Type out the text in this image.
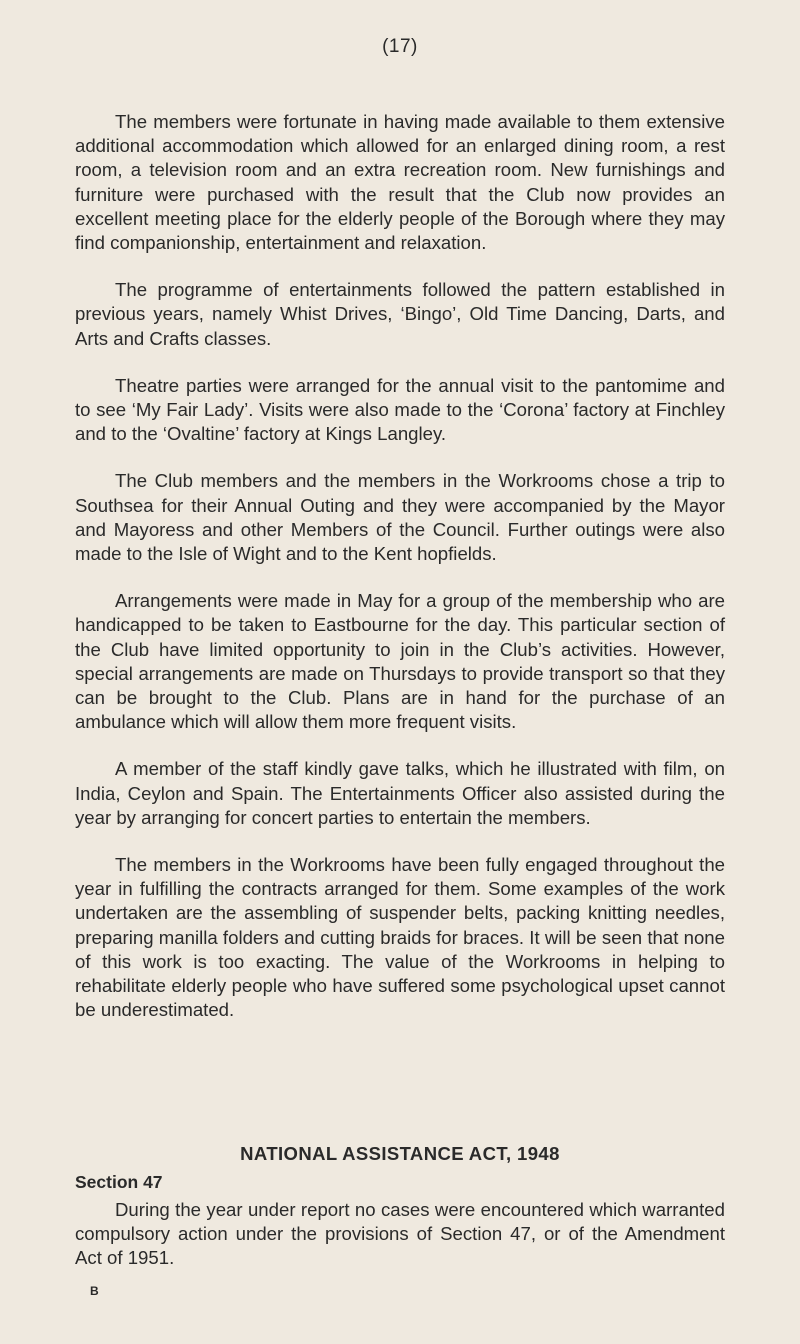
(17)

The members were fortunate in having made available to them extensive additional accommodation which allowed for an enlarged dining room, a rest room, a television room and an extra recreation room. New furnishings and furniture were purchased with the result that the Club now provides an excellent meeting place for the elderly people of the Borough where they may find companionship, entertainment and relaxation.

The programme of entertainments followed the pattern established in previous years, namely Whist Drives, ‘Bingo’, Old Time Dancing, Darts, and Arts and Crafts classes.

Theatre parties were arranged for the annual visit to the pantomime and to see ‘My Fair Lady’. Visits were also made to the ‘Corona’ factory at Finchley and to the ‘Ovaltine’ factory at Kings Langley.

The Club members and the members in the Workrooms chose a trip to Southsea for their Annual Outing and they were accompanied by the Mayor and Mayoress and other Members of the Council. Further outings were also made to the Isle of Wight and to the Kent hopfields.

Arrangements were made in May for a group of the membership who are handicapped to be taken to Eastbourne for the day. This particular section of the Club have limited opportunity to join in the Club’s activities. However, special arrangements are made on Thursdays to provide transport so that they can be brought to the Club. Plans are in hand for the purchase of an ambulance which will allow them more frequent visits.

A member of the staff kindly gave talks, which he illustrated with film, on India, Ceylon and Spain. The Entertainments Officer also assisted during the year by arranging for concert parties to entertain the members.

The members in the Workrooms have been fully engaged throughout the year in fulfilling the contracts arranged for them. Some examples of the work undertaken are the assembling of suspender belts, packing knitting needles, preparing manilla folders and cutting braids for braces. It will be seen that none of this work is too exacting. The value of the Workrooms in helping to rehabilitate elderly people who have suffered some psychological upset cannot be underestimated.

NATIONAL ASSISTANCE ACT, 1948
Section 47

During the year under report no cases were encountered which warranted compulsory action under the provisions of Section 47, or of the Amendment Act of 1951.

B
